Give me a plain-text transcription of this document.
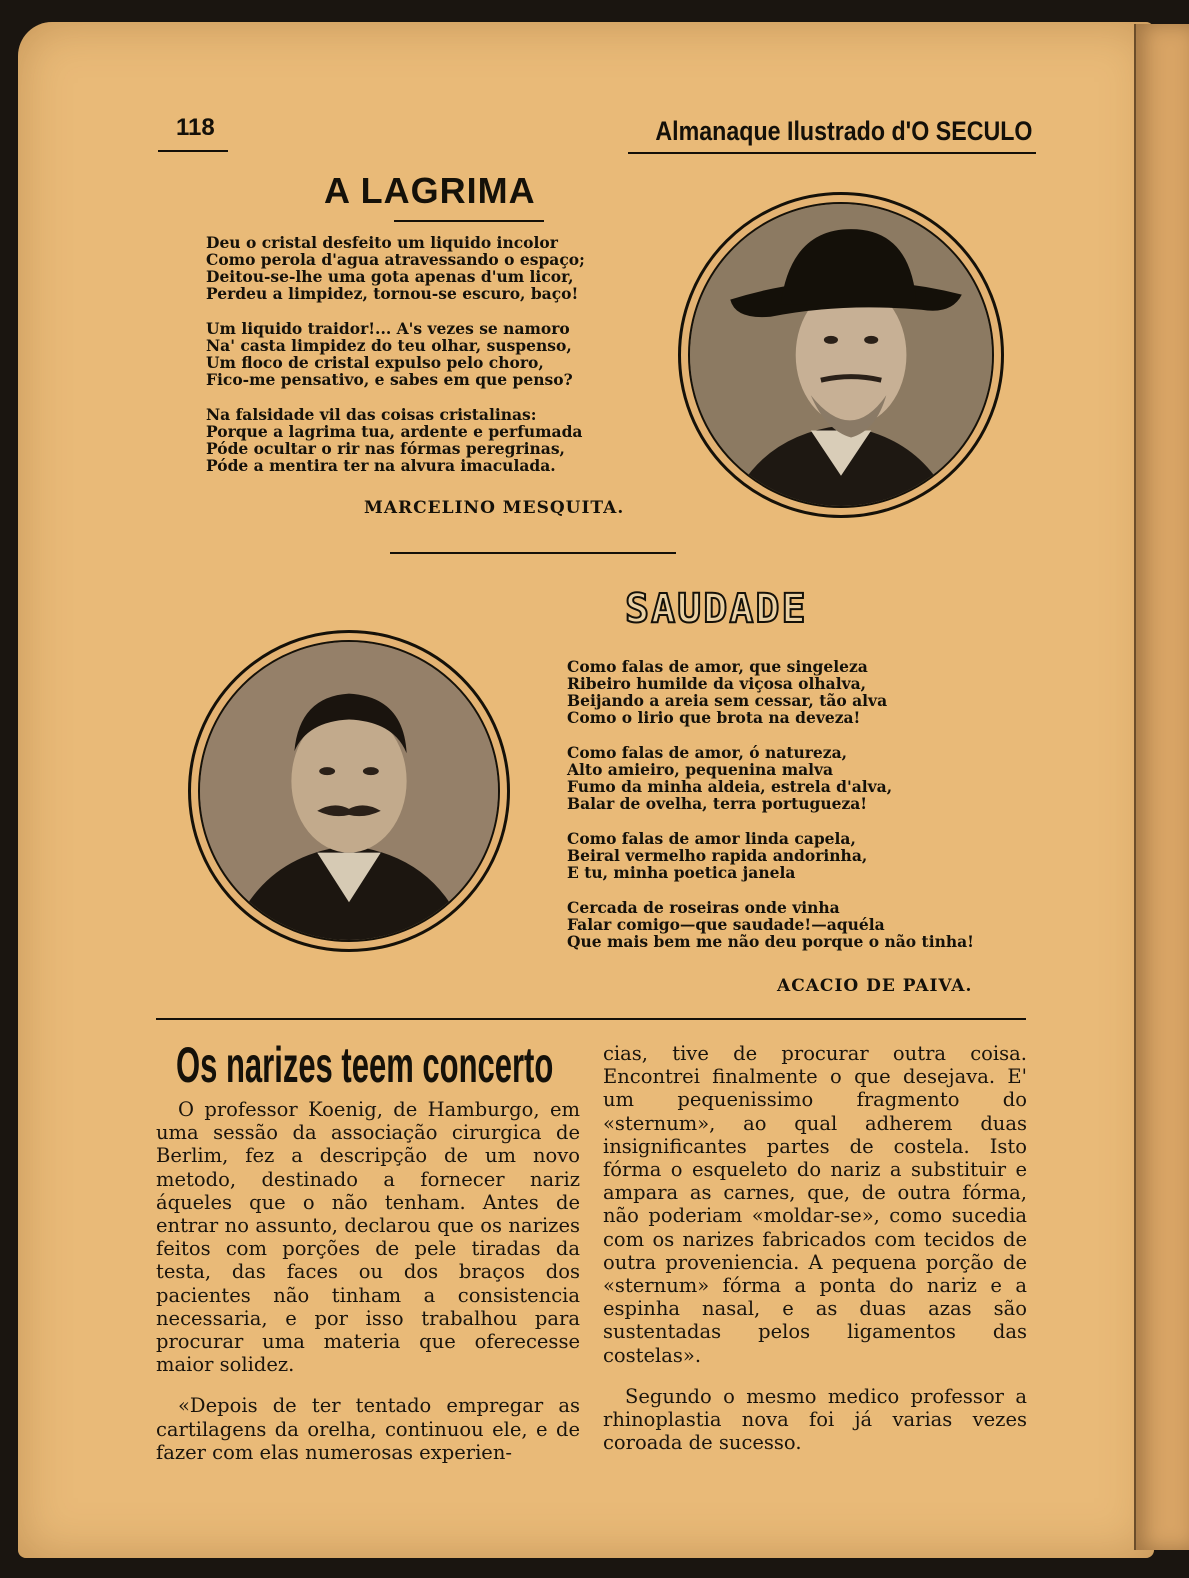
118	Almanaque Ilustrado d'O SECULO
A LAGRIMA
Deu o cristal desfeito um liquido incolor
Como perola d'agua atravessando o espaço;
Deitou-se-lhe uma gota apenas d'um licor,
Perdeu a limpidez, tornou-se escuro, baço!
Um liquido traidor!... A's vezes se namoro
Na' casta limpidez do teu olhar, suspenso,
Um floco de cristal expulso pelo choro,
Fico-me pensativo, e sabes em que penso?
Na falsidade vil das coisas cristalinas:
Porque a lagrima tua, ardente e perfumada
Póde ocultar o rir nas fórmas peregrinas,
Póde a mentira ter na alvura imaculada.
MARCELINO MESQUITA.
SAUDADE
Como falas de amor, que singeleza
Ribeiro humilde da viçosa olhalva,
Beijando a areia sem cessar, tão alva
Como o lirio que brota na deveza!
Como falas de amor, ó natureza,
Alto amieiro, pequenina malva
Fumo da minha aldeia, estrela d'alva,
Balar de ovelha, terra portugueza!
Como falas de amor linda capela,
Beiral vermelho rapida andorinha,
E tu, minha poetica janela
Cercada de roseiras onde vinha
Falar comigo—que saudade!—aquéla
Que mais bem me não deu porque o não tinha!
ACACIO DE PAIVA.
Os narizes teem concerto

O professor Koenig, de Hamburgo, em uma sessão da associação cirurgica de Berlim, fez a descripção de um novo metodo, destinado a fornecer nariz áqueles que o não tenham. Antes de entrar no assunto, declarou que os narizes feitos com porções de pele tiradas da testa, das faces ou dos braços dos pacientes não tinham a consistencia necessaria, e por isso trabalhou para procurar uma materia que oferecesse maior solidez.

«Depois de ter tentado empregar as cartilagens da orelha, continuou ele, e de fazer com elas numerosas experien-

cias, tive de procurar outra coisa. Encontrei finalmente o que desejava. E' um pequenissimo fragmento do «sternum», ao qual adherem duas insignificantes partes de costela. Isto fórma o esqueleto do nariz a substituir e ampara as carnes, que, de outra fórma, não poderiam «moldar-se», como sucedia com os narizes fabricados com tecidos de outra proveniencia. A pequena porção de «sternum» fórma a ponta do nariz e a espinha nasal, e as duas azas são sustentadas pelos ligamentos das costelas».

Segundo o mesmo medico professor a rhinoplastia nova foi já varias vezes coroada de sucesso.
